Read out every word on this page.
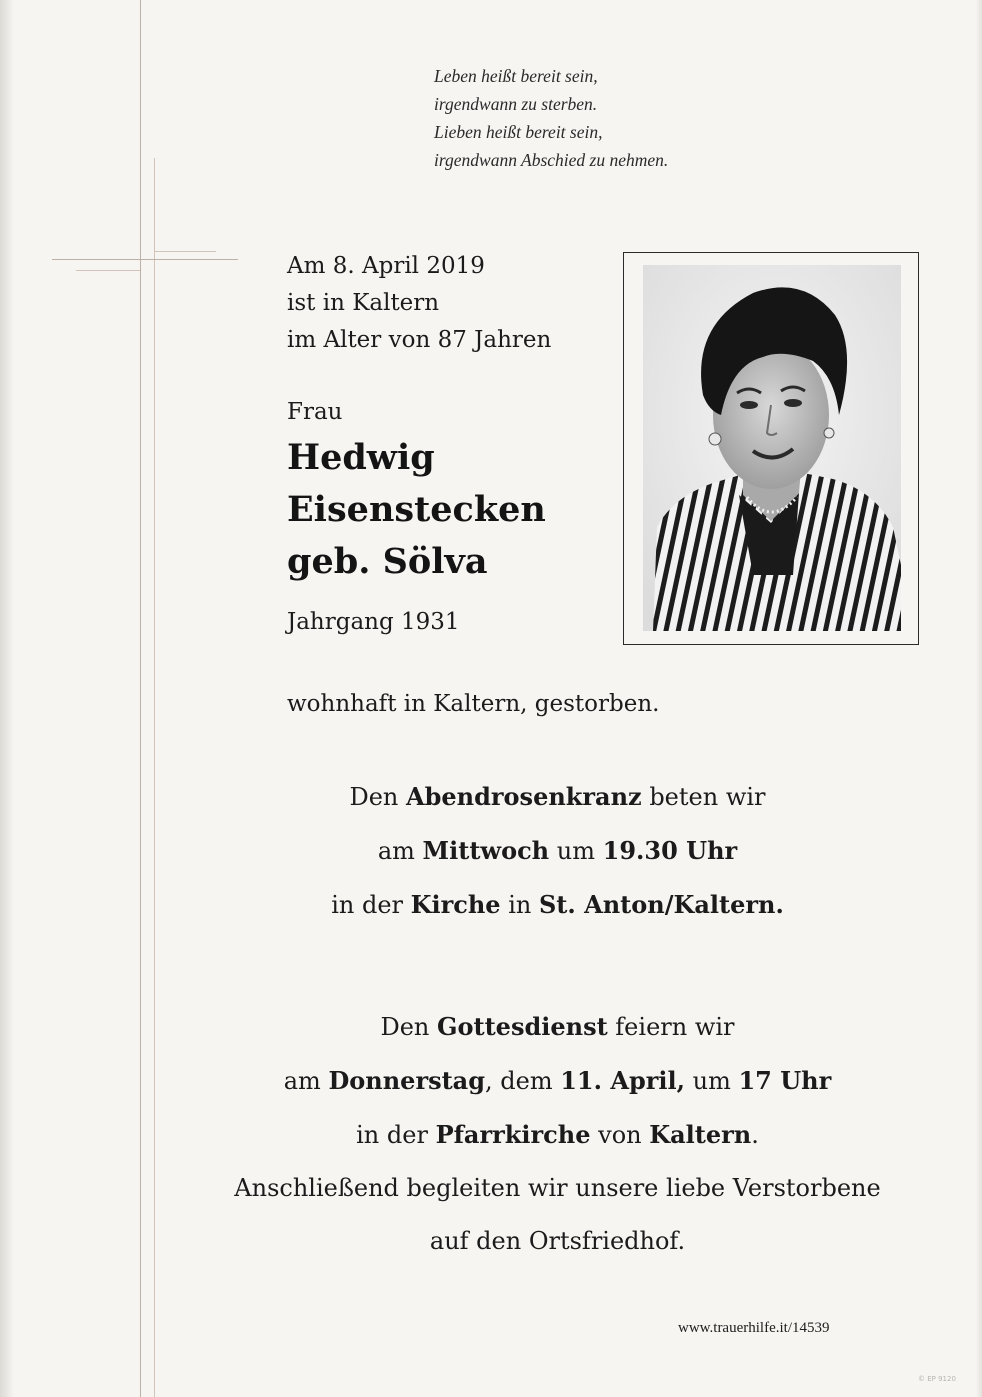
Leben heißt bereit sein,
irgendwann zu sterben.
Lieben heißt bereit sein,
irgendwann Abschied zu nehmen.
Am 8. April 2019
ist in Kaltern
im Alter von 87 Jahren
Frau
Hedwig
Eisenstecken
geb. Sölva
Jahrgang 1931
wohnhaft in Kaltern, gestorben.
Den Abendrosenkranz beten wir
am Mittwoch um 19.30 Uhr
in der Kirche in St. Anton/Kaltern.
Den Gottesdienst feiern wir
am Donnerstag, dem 11. April, um 17 Uhr
in der Pfarrkirche von Kaltern.
Anschließend begleiten wir unsere liebe Verstorbene
auf den Ortsfriedhof.
www.trauerhilfe.it/14539
© EP 9120
